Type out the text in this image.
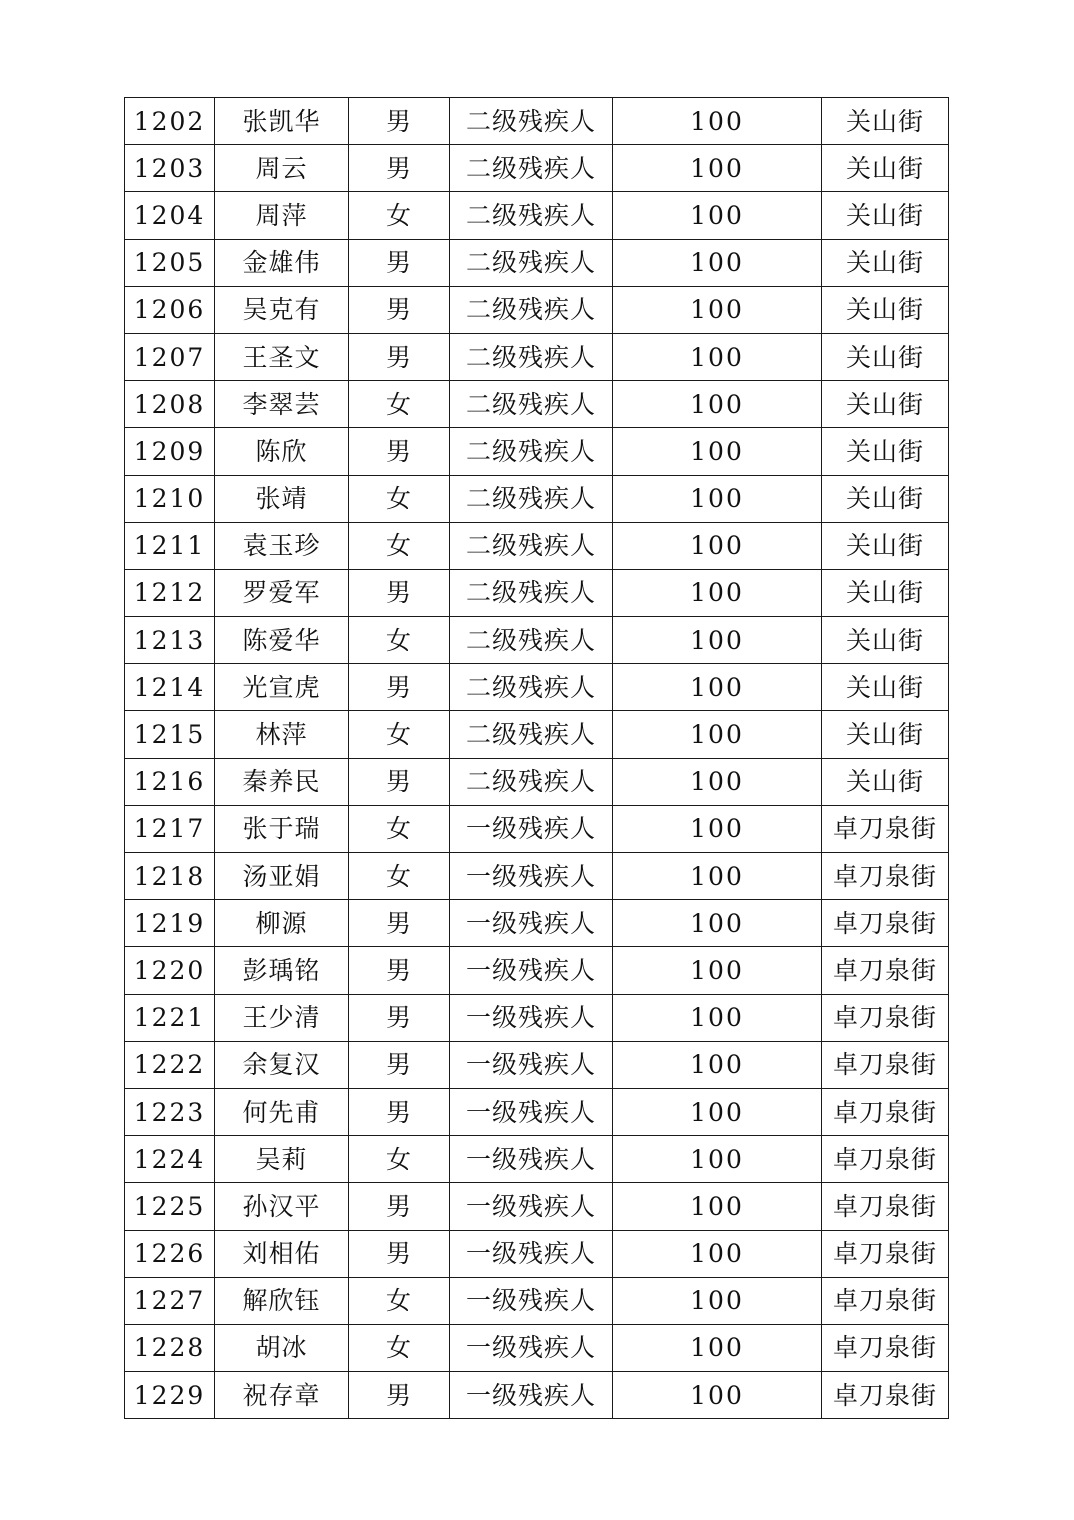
1202	张凯华	男	二级残疾人	100	关山街
1203	周云	男	二级残疾人	100	关山街
1204	周萍	女	二级残疾人	100	关山街
1205	金雄伟	男	二级残疾人	100	关山街
1206	吴克有	男	二级残疾人	100	关山街
1207	王圣文	男	二级残疾人	100	关山街
1208	李翠芸	女	二级残疾人	100	关山街
1209	陈欣	男	二级残疾人	100	关山街
1210	张靖	女	二级残疾人	100	关山街
1211	袁玉珍	女	二级残疾人	100	关山街
1212	罗爱军	男	二级残疾人	100	关山街
1213	陈爱华	女	二级残疾人	100	关山街
1214	光宣虎	男	二级残疾人	100	关山街
1215	林萍	女	二级残疾人	100	关山街
1216	秦养民	男	二级残疾人	100	关山街
1217	张于瑞	女	一级残疾人	100	卓刀泉街
1218	汤亚娟	女	一级残疾人	100	卓刀泉街
1219	柳源	男	一级残疾人	100	卓刀泉街
1220	彭瑀铭	男	一级残疾人	100	卓刀泉街
1221	王少清	男	一级残疾人	100	卓刀泉街
1222	余复汉	男	一级残疾人	100	卓刀泉街
1223	何先甫	男	一级残疾人	100	卓刀泉街
1224	吴莉	女	一级残疾人	100	卓刀泉街
1225	孙汉平	男	一级残疾人	100	卓刀泉街
1226	刘相佑	男	一级残疾人	100	卓刀泉街
1227	解欣钰	女	一级残疾人	100	卓刀泉街
1228	胡冰	女	一级残疾人	100	卓刀泉街
1229	祝存章	男	一级残疾人	100	卓刀泉街
